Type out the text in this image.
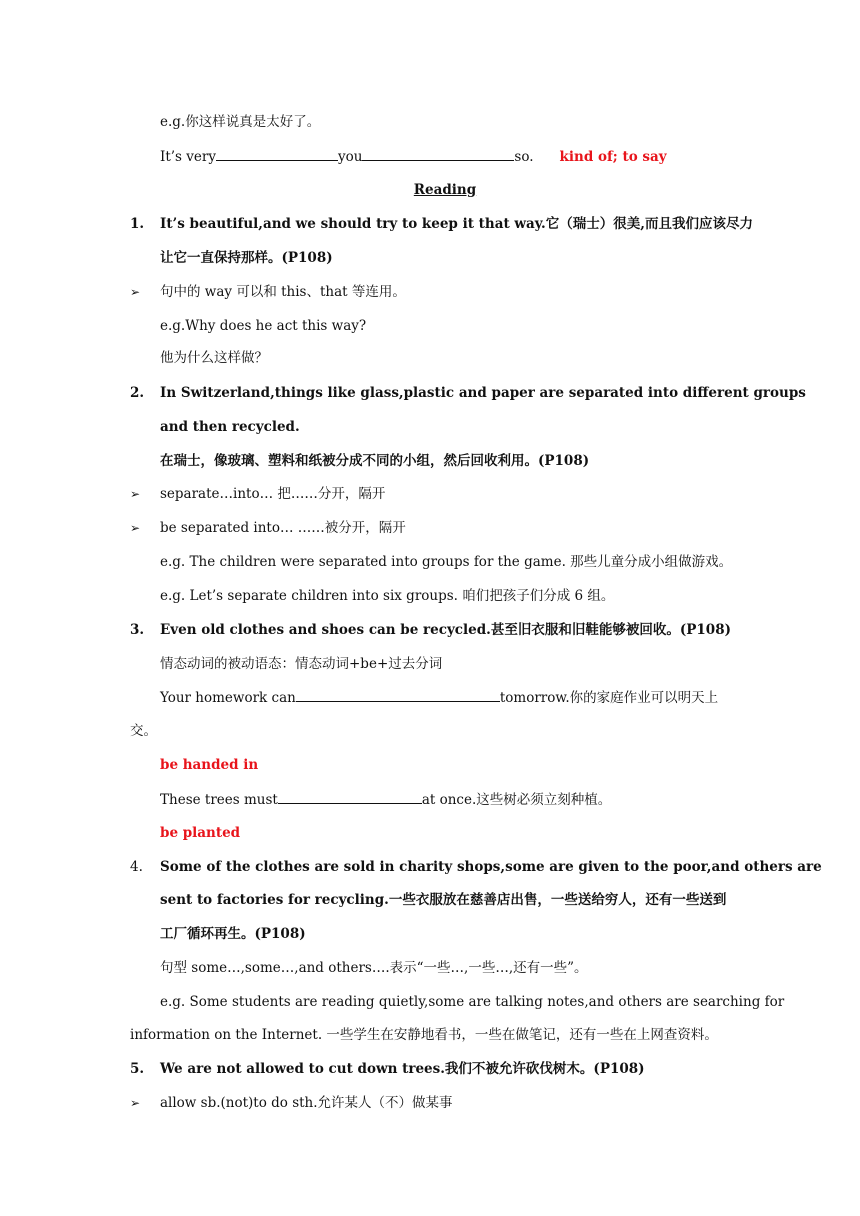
e.g.你这样说真是太好了。
It’s very	you	so. kind of; to say
Reading
1. It’s beautiful,and we should try to keep it that way.它（瑞士）很美,而且我们应该尽力
让它一直保持那样。(P108)
➢ 句中的 way 可以和 this、that 等连用。
e.g.Why does he act this way?
他为什么这样做？
2. In Switzerland,things like glass,plastic and paper are separated into different groups
and then recycled.
在瑞士，像玻璃、塑料和纸被分成不同的小组，然后回收利用。(P108)
➢ separate…into… 把……分开，隔开
➢ be separated into… ……被分开，隔开
e.g. The children were separated into groups for the game. 那些儿童分成小组做游戏。
e.g. Let’s separate children into six groups. 咱们把孩子们分成 6 组。
3. Even old clothes and shoes can be recycled.甚至旧衣服和旧鞋能够被回收。(P108)
情态动词的被动语态：情态动词+be+过去分词
Your homework can	tomorrow.你的家庭作业可以明天上
交。
be handed in
These trees must	at once.这些树必须立刻种植。
be planted
4. Some of the clothes are sold in charity shops,some are given to the poor,and others are
sent to factories for recycling.一些衣服放在慈善店出售，一些送给穷人，还有一些送到
工厂循环再生。(P108)
句型 some…,some…,and others….表示“一些…,一些…,还有一些”。
e.g. Some students are reading quietly,some are talking notes,and others are searching for
information on the Internet. 一些学生在安静地看书，一些在做笔记，还有一些在上网查资料。
5. We are not allowed to cut down trees.我们不被允许砍伐树木。(P108)
➢ allow sb.(not)to do sth.允许某人（不）做某事
